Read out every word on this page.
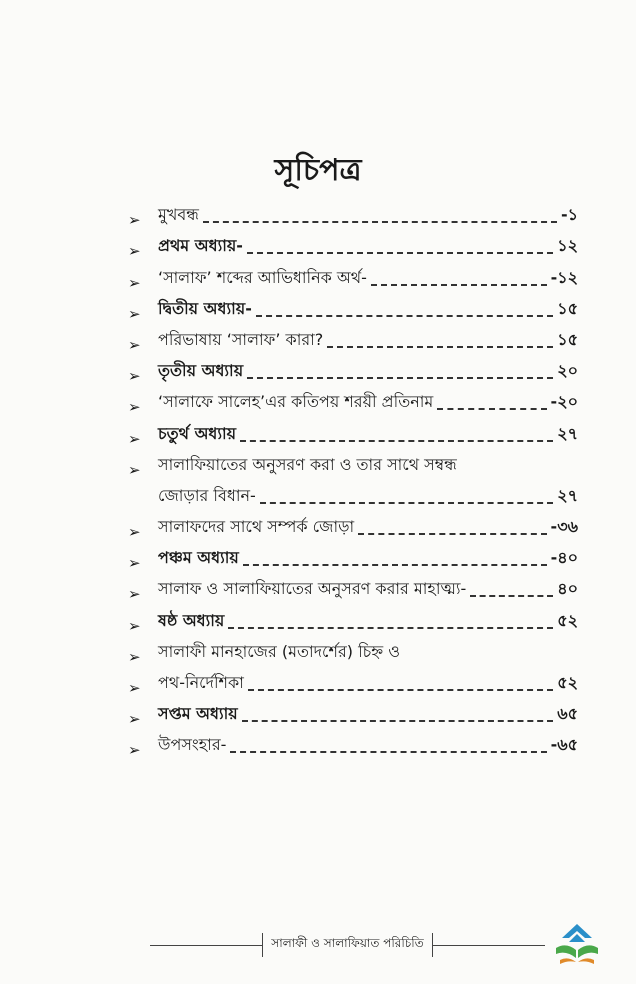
সূচিপত্র
➢	মুখবন্ধ	-১
➢	প্রথম অধ্যায়-	১২
➢	‘সালাফ’ শব্দের আভিধানিক অর্থ-	-১২
➢	দ্বিতীয় অধ্যায়-	১৫
➢	পরিভাষায় ‘সালাফ’ কারা?	১৫
➢	তৃতীয় অধ্যায়	২০
➢	‘সালাফে সালেহ’এর কতিপয় শরয়ী প্রতিনাম	-২০
➢	চতুর্থ অধ্যায়	২৭
➢	সালাফিয়াতের অনুসরণ করা ও তার সাথে সম্বন্ধ
জোড়ার বিধান-	২৭
➢	সালাফদের সাথে সম্পর্ক জোড়া	-৩৬
➢	পঞ্চম অধ্যায়	-৪০
➢	সালাফ ও সালাফিয়াতের অনুসরণ করার মাহাত্ম্য-	৪০
➢	ষষ্ঠ অধ্যায়	৫২
➢	সালাফী মানহাজের (মতাদর্শের) চিহ্ন ও
➢	পথ-নির্দেশিকা	৫২
➢	সপ্তম অধ্যায়	৬৫
➢	উপসংহার-	-৬৫
সালাফী ও সালাফিয়াত পরিচিতি
